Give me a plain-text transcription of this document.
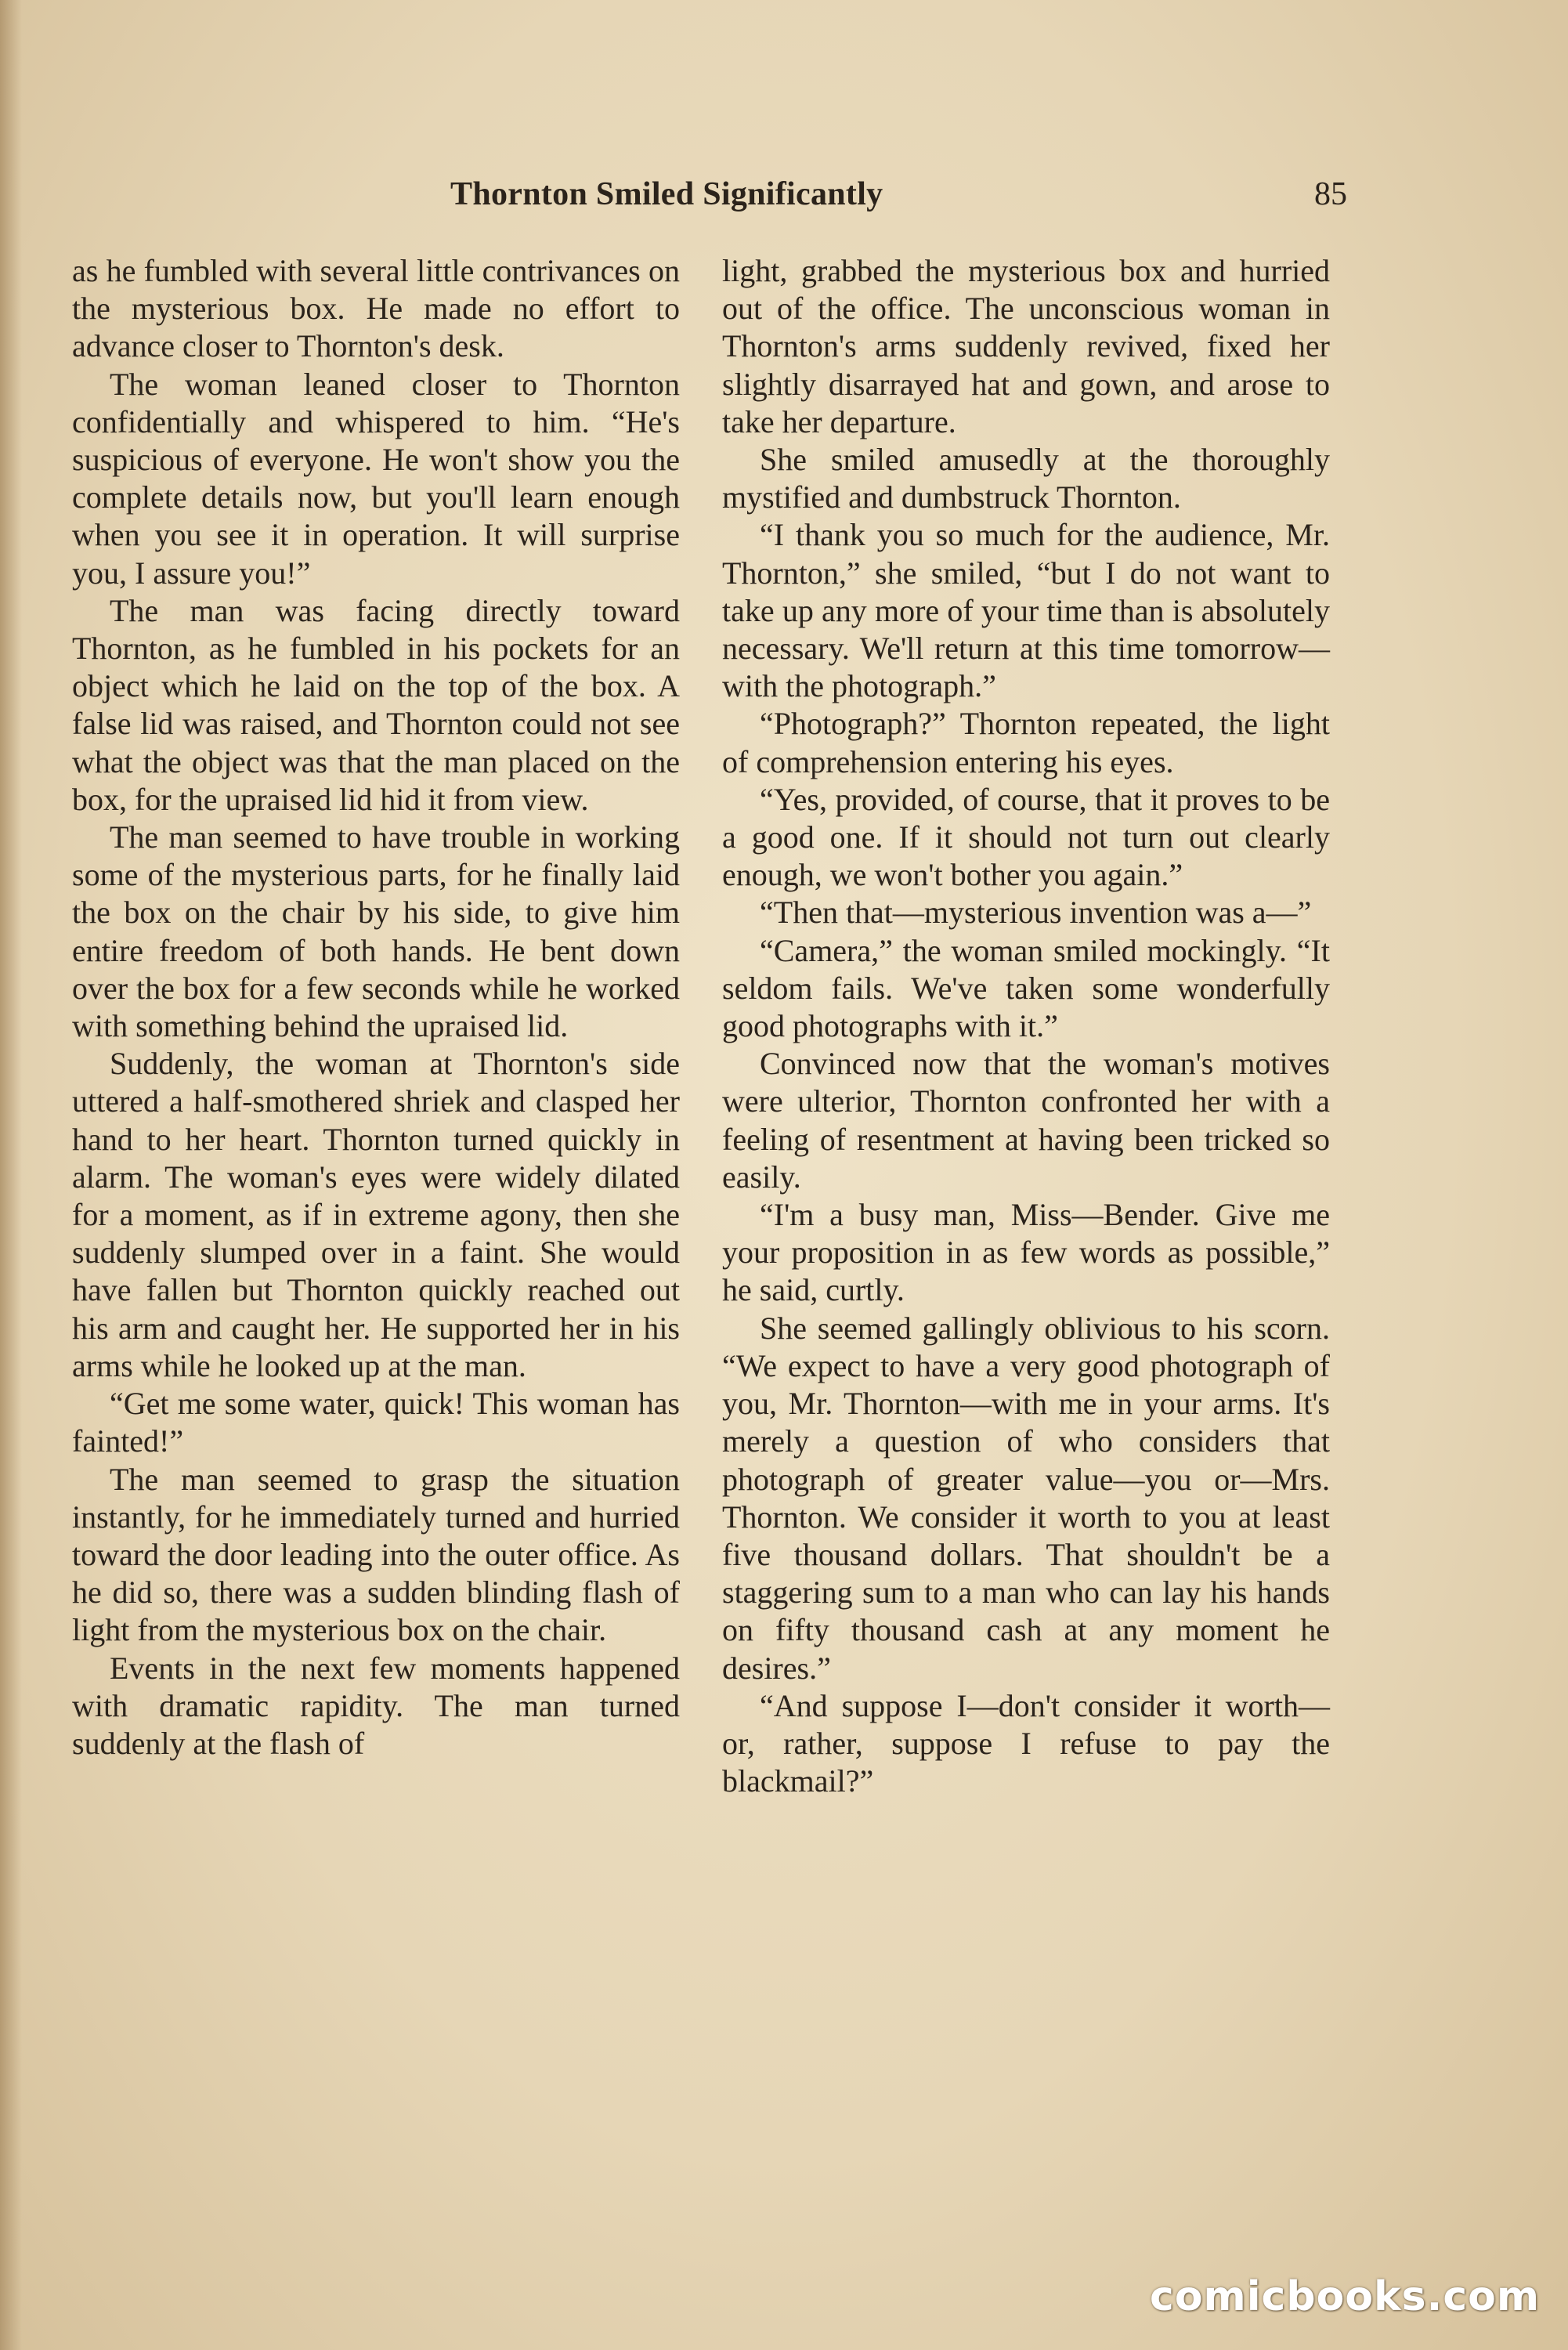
Thornton Smiled Significantly	85

as he fumbled with several little contrivances on the mysterious box. He made no effort to advance closer to Thornton's desk.

The woman leaned closer to Thornton confidentially and whispered to him. “He's suspicious of everyone. He won't show you the complete details now, but you'll learn enough when you see it in operation. It will surprise you, I assure you!”

The man was facing directly toward Thornton, as he fumbled in his pockets for an object which he laid on the top of the box. A false lid was raised, and Thornton could not see what the object was that the man placed on the box, for the upraised lid hid it from view.

The man seemed to have trouble in working some of the mysterious parts, for he finally laid the box on the chair by his side, to give him entire freedom of both hands. He bent down over the box for a few seconds while he worked with something behind the upraised lid.

Suddenly, the woman at Thornton's side uttered a half-smothered shriek and clasped her hand to her heart. Thornton turned quickly in alarm. The woman's eyes were widely dilated for a moment, as if in extreme agony, then she suddenly slumped over in a faint. She would have fallen but Thornton quickly reached out his arm and caught her. He supported her in his arms while he looked up at the man.

“Get me some water, quick! This woman has fainted!”

The man seemed to grasp the situation instantly, for he immediately turned and hurried toward the door leading into the outer office. As he did so, there was a sudden blinding flash of light from the mysterious box on the chair.

Events in the next few moments happened with dramatic rapidity. The man turned suddenly at the flash of

light, grabbed the mysterious box and hurried out of the office. The unconscious woman in Thornton's arms suddenly revived, fixed her slightly disarrayed hat and gown, and arose to take her departure.

She smiled amusedly at the thoroughly mystified and dumbstruck Thornton.

“I thank you so much for the audience, Mr. Thornton,” she smiled, “but I do not want to take up any more of your time than is absolutely necessary. We'll return at this time tomorrow—with the photograph.”

“Photograph?” Thornton repeated, the light of comprehension entering his eyes.

“Yes, provided, of course, that it proves to be a good one. If it should not turn out clearly enough, we won't bother you again.”

“Then that—mysterious invention was a—”

“Camera,” the woman smiled mockingly. “It seldom fails. We've taken some wonderfully good photographs with it.”

Convinced now that the woman's motives were ulterior, Thornton confronted her with a feeling of resentment at having been tricked so easily.

“I'm a busy man, Miss—Bender. Give me your proposition in as few words as possible,” he said, curtly.

She seemed gallingly oblivious to his scorn. “We expect to have a very good photograph of you, Mr. Thornton—with me in your arms. It's merely a question of who considers that photograph of greater value—you or—Mrs. Thornton. We consider it worth to you at least five thousand dollars. That shouldn't be a staggering sum to a man who can lay his hands on fifty thousand cash at any moment he desires.”

“And suppose I—don't consider it worth—or, rather, suppose I refuse to pay the blackmail?”

comicbooks.com
